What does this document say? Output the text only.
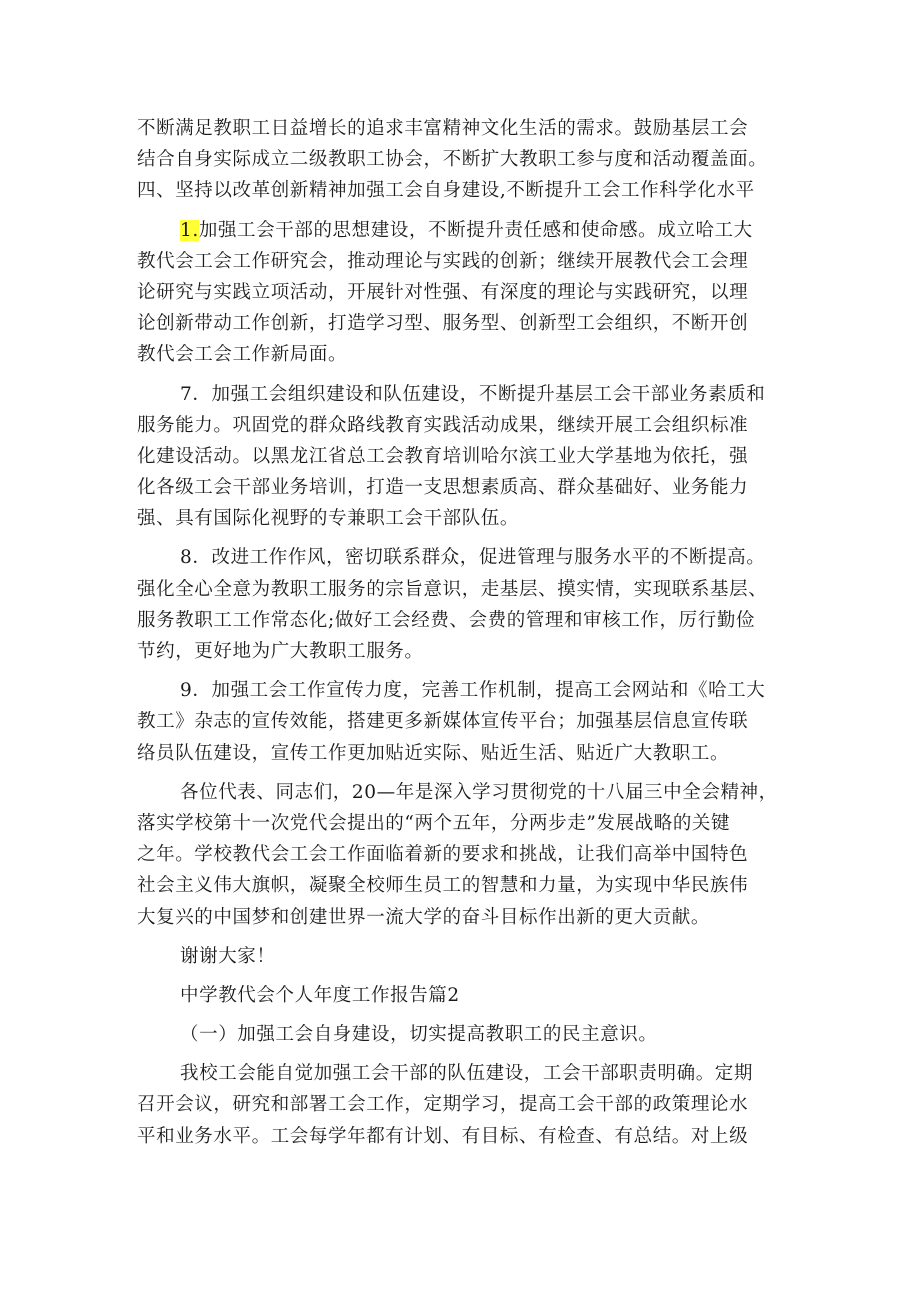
不断满足教职工日益增长的追求丰富精神文化生活的需求。鼓励基层工会
结合自身实际成立二级教职工协会，不断扩大教职工参与度和活动覆盖面。
四、坚持以改革创新精神加强工会自身建设,不断提升工会工作科学化水平
1.加强工会干部的思想建设，不断提升责任感和使命感。成立哈工大
教代会工会工作研究会，推动理论与实践的创新；继续开展教代会工会理
论研究与实践立项活动，开展针对性强、有深度的理论与实践研究，以理
论创新带动工作创新，打造学习型、服务型、创新型工会组织，不断开创
教代会工会工作新局面。
7．加强工会组织建设和队伍建设，不断提升基层工会干部业务素质和
服务能力。巩固党的群众路线教育实践活动成果，继续开展工会组织标准
化建设活动。以黑龙江省总工会教育培训哈尔滨工业大学基地为依托，强
化各级工会干部业务培训，打造一支思想素质高、群众基础好、业务能力
强、具有国际化视野的专兼职工会干部队伍。
8．改进工作作风，密切联系群众，促进管理与服务水平的不断提高。
强化全心全意为教职工服务的宗旨意识，走基层、摸实情，实现联系基层、
服务教职工工作常态化;做好工会经费、会费的管理和审核工作，厉行勤俭
节约，更好地为广大教职工服务。
9．加强工会工作宣传力度，完善工作机制，提高工会网站和《哈工大
教工》杂志的宣传效能，搭建更多新媒体宣传平台；加强基层信息宣传联
络员队伍建设，宣传工作更加贴近实际、贴近生活、贴近广大教职工。
各位代表、同志们，20—年是深入学习贯彻党的十八届三中全会精神，
落实学校第十一次党代会提出的“两个五年，分两步走”发展战略的关键
之年。学校教代会工会工作面临着新的要求和挑战，让我们高举中国特色
社会主义伟大旗帜，凝聚全校师生员工的智慧和力量，为实现中华民族伟
大复兴的中国梦和创建世界一流大学的奋斗目标作出新的更大贡献。
谢谢大家！
中学教代会个人年度工作报告篇2
（一）加强工会自身建设，切实提高教职工的民主意识。
我校工会能自觉加强工会干部的队伍建设，工会干部职责明确。定期
召开会议，研究和部署工会工作，定期学习，提高工会干部的政策理论水
平和业务水平。工会每学年都有计划、有目标、有检查、有总结。对上级
